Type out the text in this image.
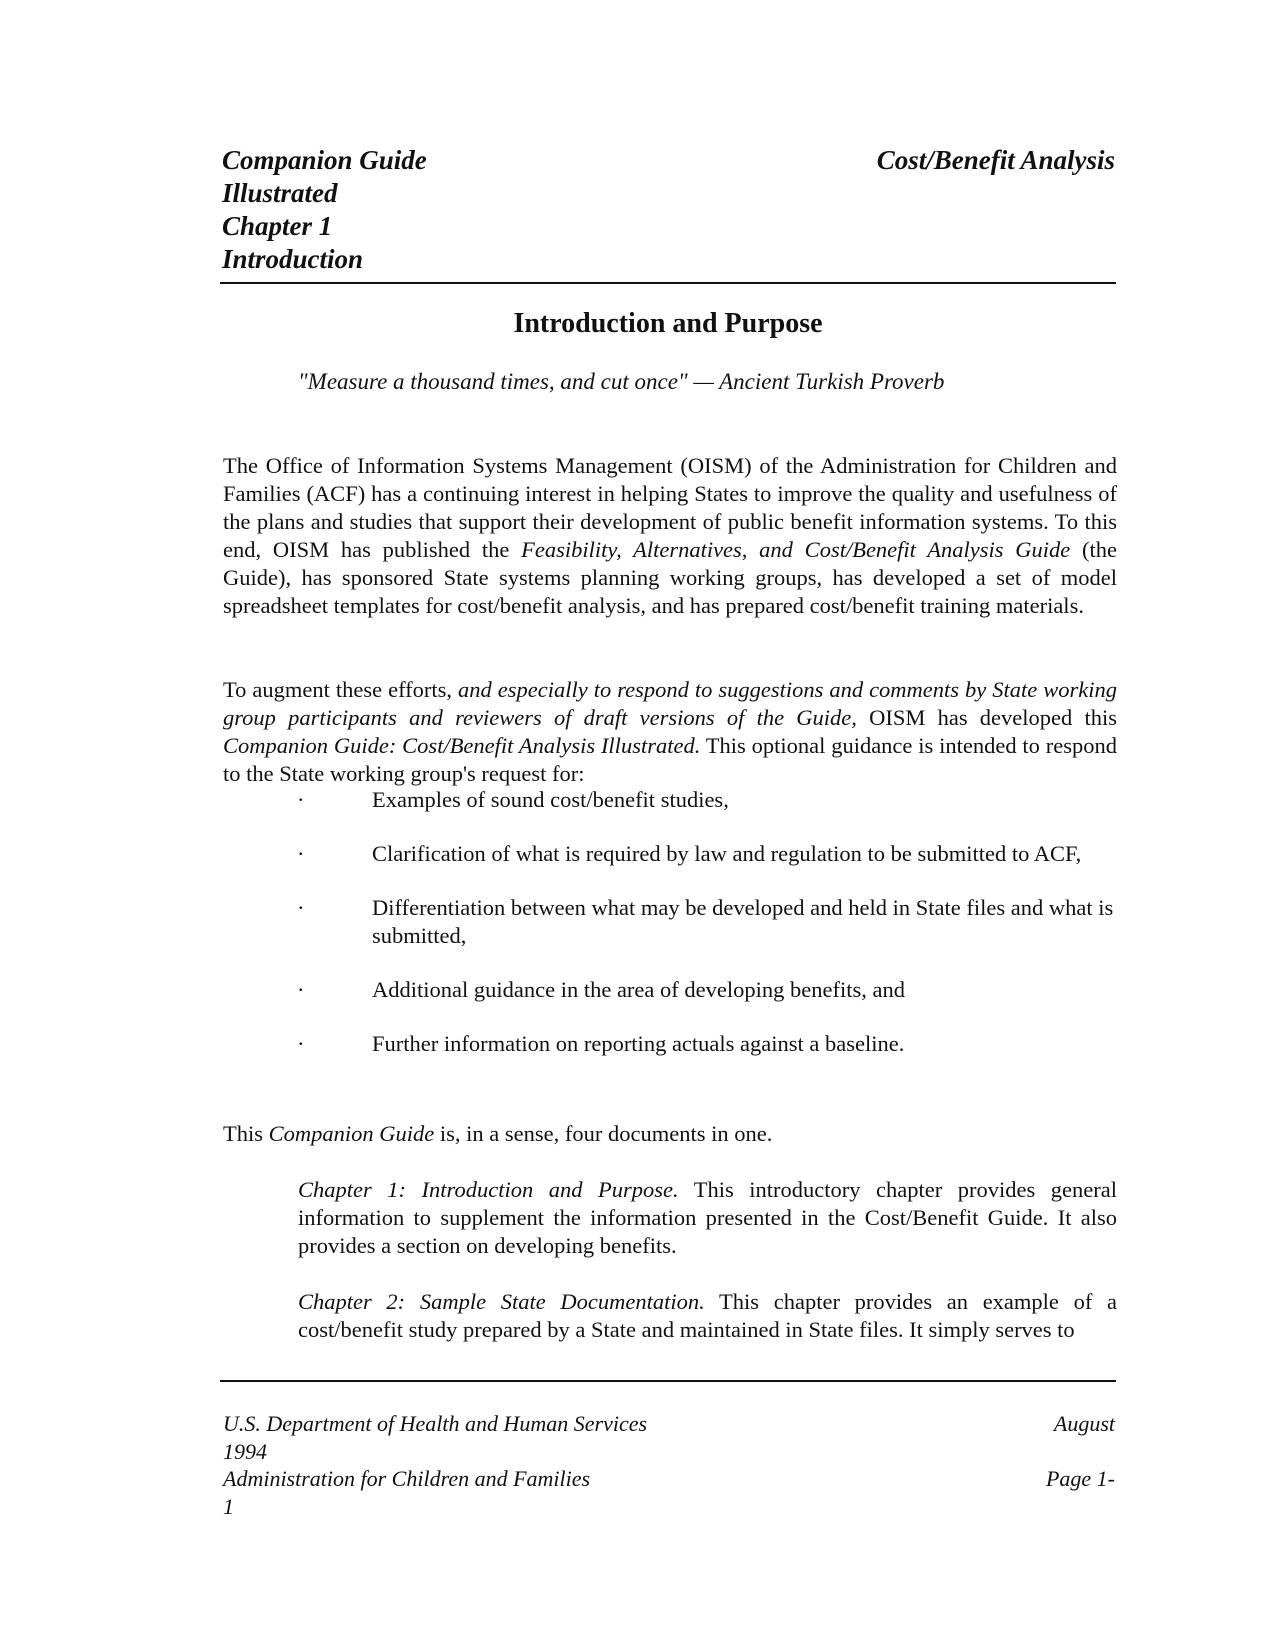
Companion Guide
Illustrated
Chapter 1
Introduction
Cost/Benefit Analysis
Introduction and Purpose
"Measure a thousand times, and cut once" — Ancient Turkish Proverb
The Office of Information Systems Management (OISM) of the Administration for Children and Families (ACF) has a continuing interest in helping States to improve the quality and usefulness of the plans and studies that support their development of public benefit information systems. To this end, OISM has published the Feasibility, Alternatives, and Cost/Benefit Analysis Guide (the Guide), has sponsored State systems planning working groups, has developed a set of model spreadsheet templates for cost/benefit analysis, and has prepared cost/benefit training materials.
To augment these efforts, and especially to respond to suggestions and comments by State working group participants and reviewers of draft versions of the Guide, OISM has developed this Companion Guide: Cost/Benefit Analysis Illustrated. This optional guidance is intended to respond to the State working group's request for:
·	Examples of sound cost/benefit studies,
·	Clarification of what is required by law and regulation to be submitted to ACF,
·	Differentiation between what may be developed and held in State files and what is submitted,
·	Additional guidance in the area of developing benefits, and
·	Further information on reporting actuals against a baseline.
This Companion Guide is, in a sense, four documents in one.
Chapter 1: Introduction and Purpose. This introductory chapter provides general information to supplement the information presented in the Cost/Benefit Guide. It also provides a section on developing benefits.
Chapter 2: Sample State Documentation. This chapter provides an example of a cost/benefit study prepared by a State and maintained in State files. It simply serves to
U.S. Department of Health and Human Services
1994
August
Administration for Children and Families
1
Page 1-
